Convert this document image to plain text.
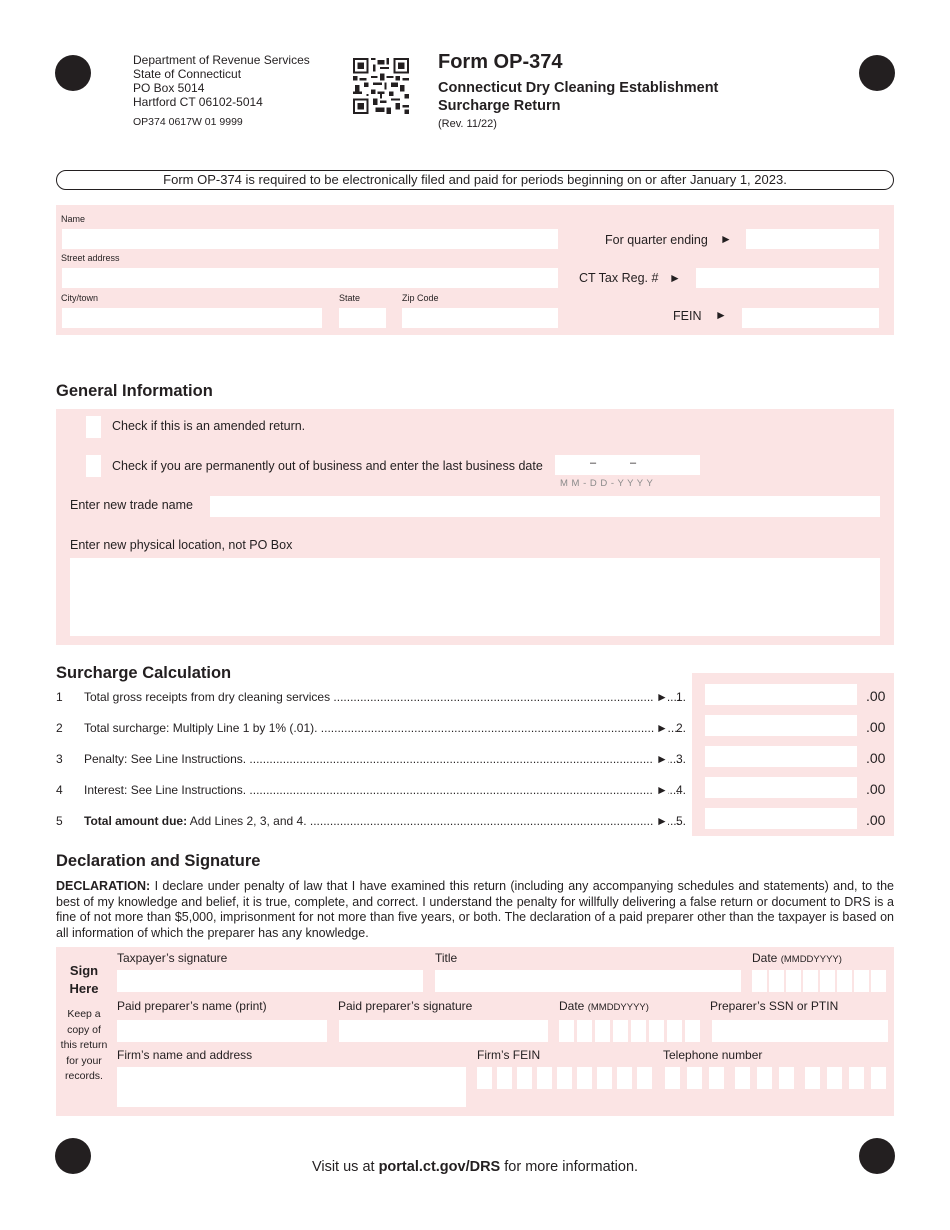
Department of Revenue Services
State of Connecticut
PO Box 5014
Hartford CT 06102-5014
OP374 0617W 01 9999
Form OP-374
Connecticut Dry Cleaning Establishment
Surcharge Return
(Rev. 11/22)
Form OP-374 is required to be electronically filed and paid for periods beginning on or after January 1, 2023.
Name
Street address
City/town	State	Zip Code
For quarter ending ►
CT Tax Reg. # ►
FEIN ►
General Information
Check if this is an amended return.
Check if you are permanently out of business and enter the last business date	–	–
M M - D D - Y Y Y Y
Enter new trade name
Enter new physical location, not PO Box
Surcharge Calculation
1 Total gross receipts from dry cleaning services .....	► 1.	.00
2 Total surcharge: Multiply Line 1 by 1% (.01). .....	► 2.	.00
3 Penalty: See Line Instructions. .....	► 3.	.00
4 Interest: See Line Instructions. .....	► 4.	.00
5 Total amount due: Add Lines 2, 3, and 4. .....	► 5.	.00
Declaration and Signature
DECLARATION: I declare under penalty of law that I have examined this return (including any accompanying schedules and statements) and, to the best of my knowledge and belief, it is true, complete, and correct. I understand the penalty for willfully delivering a false return or document to DRS is a fine of not more than $5,000, imprisonment for not more than five years, or both. The declaration of a paid preparer other than the taxpayer is based on all information of which the preparer has any knowledge.
Sign Here
Keep a copy of this return for your records.
Taxpayer’s signature	Title	Date (MMDDYYYY)
Paid preparer’s name (print)	Paid preparer’s signature	Date (MMDDYYYY)	Preparer’s SSN or PTIN
Firm’s name and address	Firm’s FEIN	Telephone number
Visit us at portal.ct.gov/DRS for more information.
